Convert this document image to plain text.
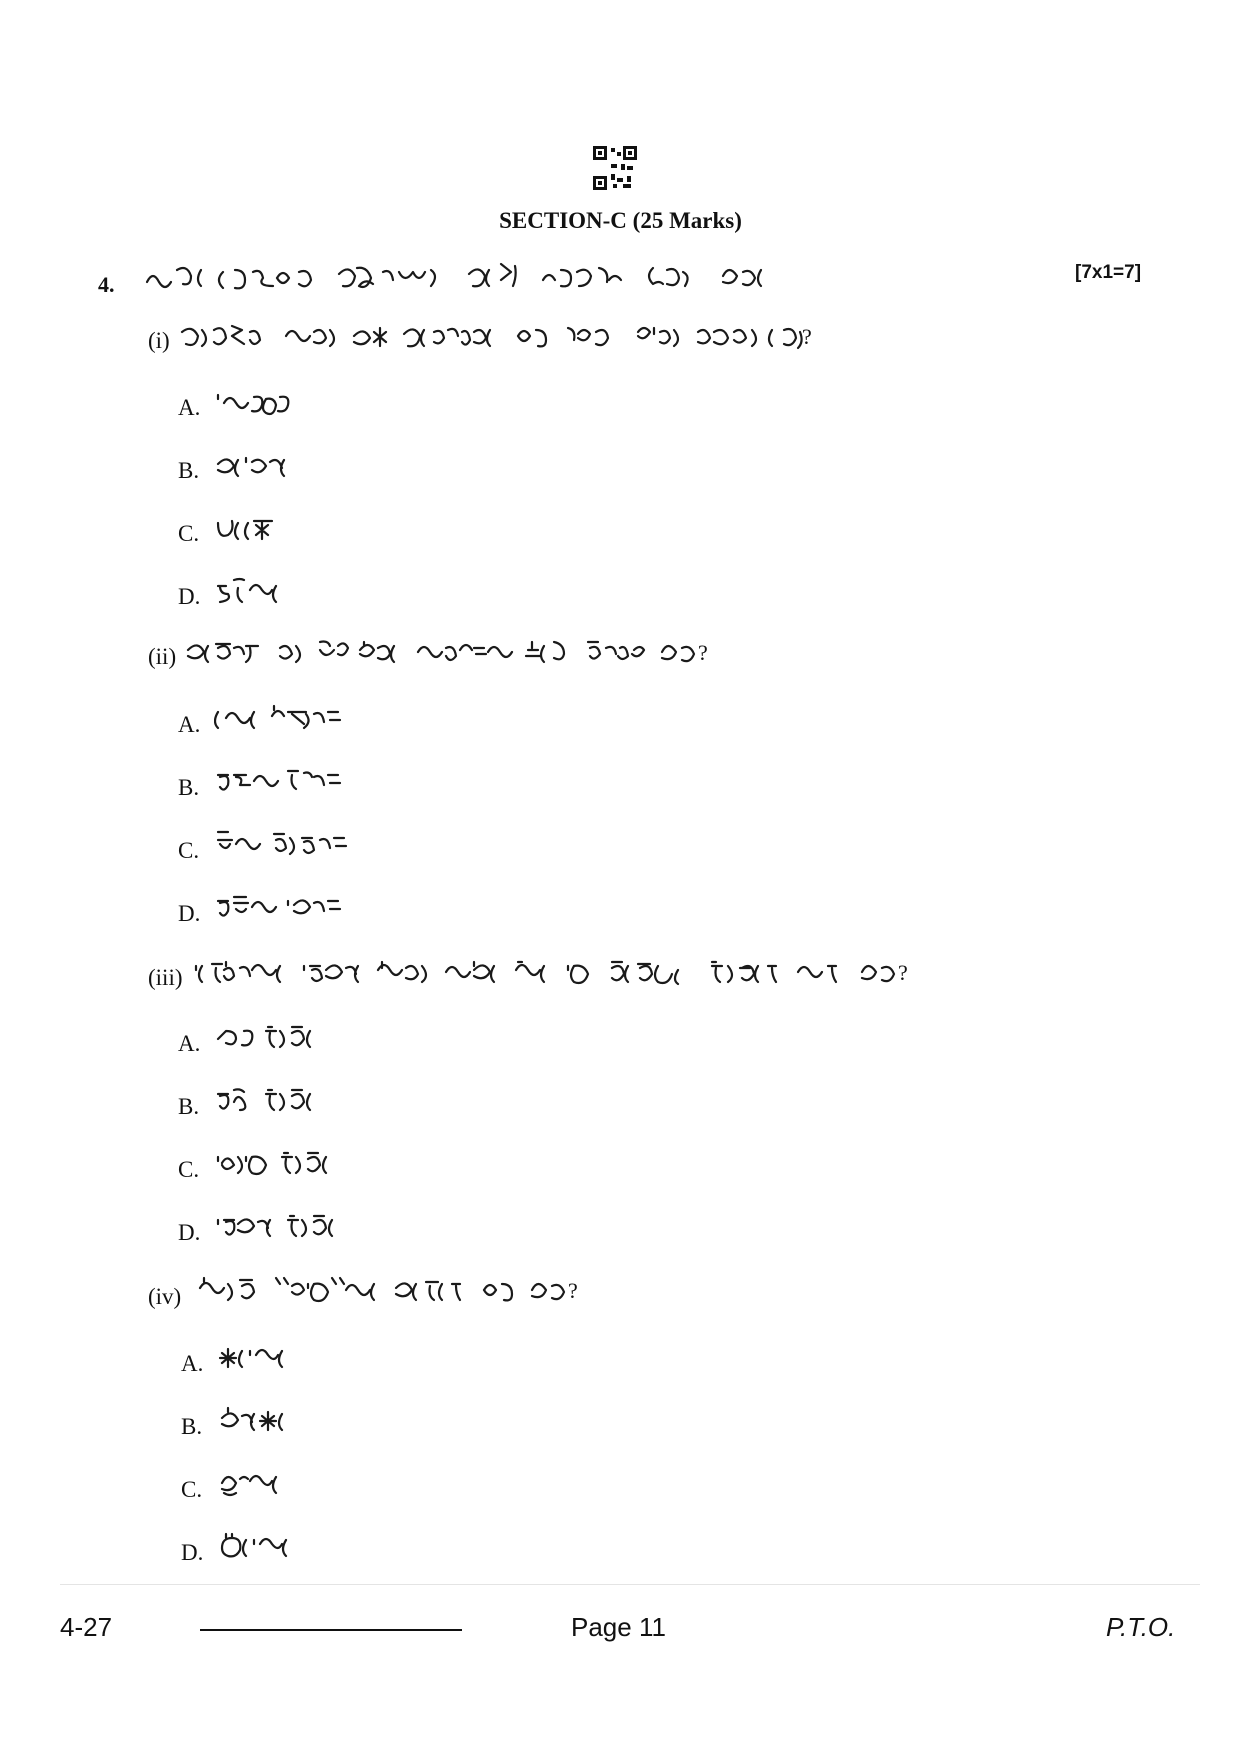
SECTION-C (25 Marks)
4.	[7x1=7]
(i)	?
A.
B.
C.
D.
(ii)	?
A.
B.
C.
D.
(iii)	?
A.
B.
C.
D.
(iv)	?
A.
B.
C.
D.
4-27	Page 11	P.T.O.
